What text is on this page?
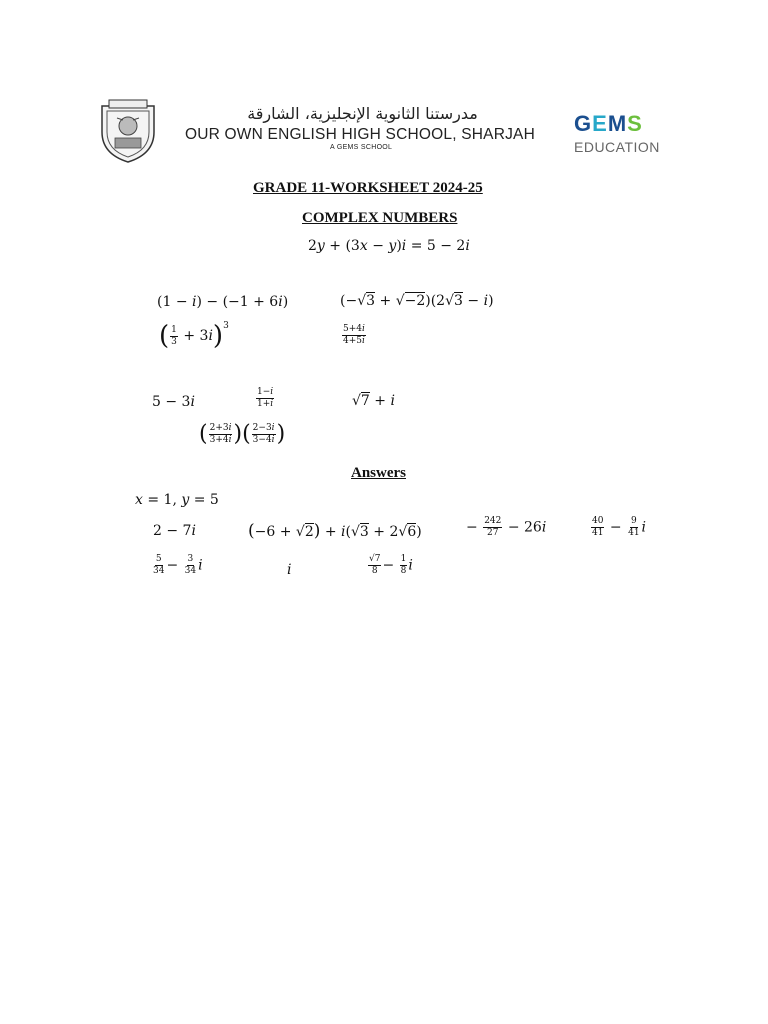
مدرستنا الثانوية الإنجليزية، الشارقة
OUR OWN ENGLISH HIGH SCHOOL, SHARJAH
A GEMS SCHOOL
GEMS
EDUCATION
GRADE 11-WORKSHEET 2024-25
COMPLEX NUMBERS
2y + (3x − y)i = 5 − 2i
(1 − i) − (−1 + 6i)	(−√3 + √−2)(2√3 − i)
( $\frac{1}{3} + 3i)^3$	$\frac{5+4i}{4+5i}$
5 − 3i	$\frac{1-i}{1+i}$	√7 + i
( $\frac{2+3i}{3+4i}$ )( $\frac{2-3i}{3-4i}$ )
Answers
x = 1, y = 5
2 − 7i	(−6 + √2) + i(√3 + 2√6)	− $\frac{242}{27} - 26i$	$\frac{40}{41} - \frac{9}{41}$ i
$\frac{5}{34} - \frac{3}{34}$ i	i	$\frac{√7}{8} - \frac{1}{8}$ i
